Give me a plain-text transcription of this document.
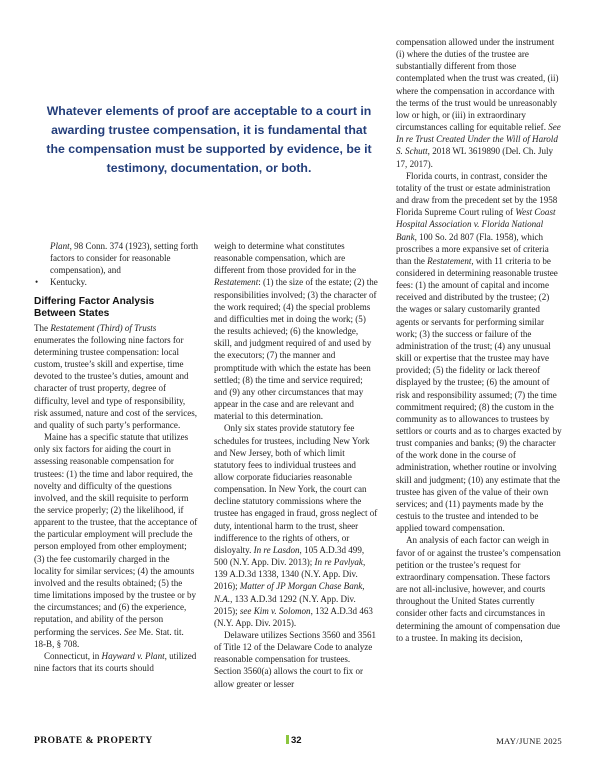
Whatever elements of proof are acceptable to a court in awarding trustee compensation, it is fundamental that the compensation must be supported by evidence, be it testimony, documentation, or both.

Plant, 98 Conn. 374 (1923), setting forth factors to consider for reasonable compensation), and

• Kentucky.

Differing Factor Analysis Between States

The Restatement (Third) of Trusts enumerates the following nine factors for determining trustee compensation: local custom, trustee’s skill and expertise, time devoted to the trustee’s duties, amount and character of trust property, degree of difficulty, level and type of responsibility, risk assumed, nature and cost of the services, and quality of such party’s performance.

Maine has a specific statute that utilizes only six factors for aiding the court in assessing reasonable compensation for trustees: (1) the time and labor required, the novelty and difficulty of the questions involved, and the skill requisite to perform the service properly; (2) the likelihood, if apparent to the trustee, that the acceptance of the particular employment will preclude the person employed from other employment; (3) the fee customarily charged in the locality for similar services; (4) the amounts involved and the results obtained; (5) the time limitations imposed by the trustee or by the circumstances; and (6) the experience, reputation, and ability of the person performing the services. See Me. Stat. tit. 18-B, § 708.

Connecticut, in Hayward v. Plant, utilized nine factors that its courts should

weigh to determine what constitutes reasonable compensation, which are different from those provided for in the Restatement: (1) the size of the estate; (2) the responsibilities involved; (3) the character of the work required; (4) the special problems and difficulties met in doing the work; (5) the results achieved; (6) the knowledge, skill, and judgment required of and used by the executors; (7) the manner and promptitude with which the estate has been settled; (8) the time and service required; and (9) any other circumstances that may appear in the case and are relevant and material to this determination.

Only six states provide statutory fee schedules for trustees, including New York and New Jersey, both of which limit statutory fees to individual trustees and allow corporate fiduciaries reasonable compensation. In New York, the court can decline statutory commissions where the trustee has engaged in fraud, gross neglect of duty, intentional harm to the trust, sheer indifference to the rights of others, or disloyalty. In re Lasdon, 105 A.D.3d 499, 500 (N.Y. App. Div. 2013); In re Pavlyak, 139 A.D.3d 1338, 1340 (N.Y. App. Div. 2016); Matter of JP Morgan Chase Bank, N.A., 133 A.D.3d 1292 (N.Y. App. Div. 2015); see Kim v. Solomon, 132 A.D.3d 463 (N.Y. App. Div. 2015).

Delaware utilizes Sections 3560 and 3561 of Title 12 of the Delaware Code to analyze reasonable compensation for trustees. Section 3560(a) allows the court to fix or allow greater or lesser

compensation allowed under the instrument (i) where the duties of the trustee are substantially different from those contemplated when the trust was created, (ii) where the compensation in accordance with the terms of the trust would be unreasonably low or high, or (iii) in extraordinary circumstances calling for equitable relief. See In re Trust Created Under the Will of Harold S. Schutt, 2018 WL 3619890 (Del. Ch. July 17, 2017).

Florida courts, in contrast, consider the totality of the trust or estate administration and draw from the precedent set by the 1958 Florida Supreme Court ruling of West Coast Hospital Association v. Florida National Bank, 100 So. 2d 807 (Fla. 1958), which proscribes a more expansive set of criteria than the Restatement, with 11 criteria to be considered in determining reasonable trustee fees: (1) the amount of capital and income received and distributed by the trustee; (2) the wages or salary customarily granted agents or servants for performing similar work; (3) the success or failure of the administration of the trust; (4) any unusual skill or expertise that the trustee may have provided; (5) the fidelity or lack thereof displayed by the trustee; (6) the amount of risk and responsibility assumed; (7) the time commitment required; (8) the custom in the community as to allowances to trustees by settlors or courts and as to charges exacted by trust companies and banks; (9) the character of the work done in the course of administration, whether routine or involving skill and judgment; (10) any estimate that the trustee has given of the value of their own services; and (11) payments made by the cestuis to the trustee and intended to be applied toward compensation.

An analysis of each factor can weigh in favor of or against the trustee’s compensation petition or the trustee’s request for extraordinary compensation. These factors are not all-inclusive, however, and courts throughout the United States currently consider other facts and circumstances in determining the amount of compensation due to a trustee. In making its decision,

PROBATE & PROPERTY	32	MAY/JUNE 2025
